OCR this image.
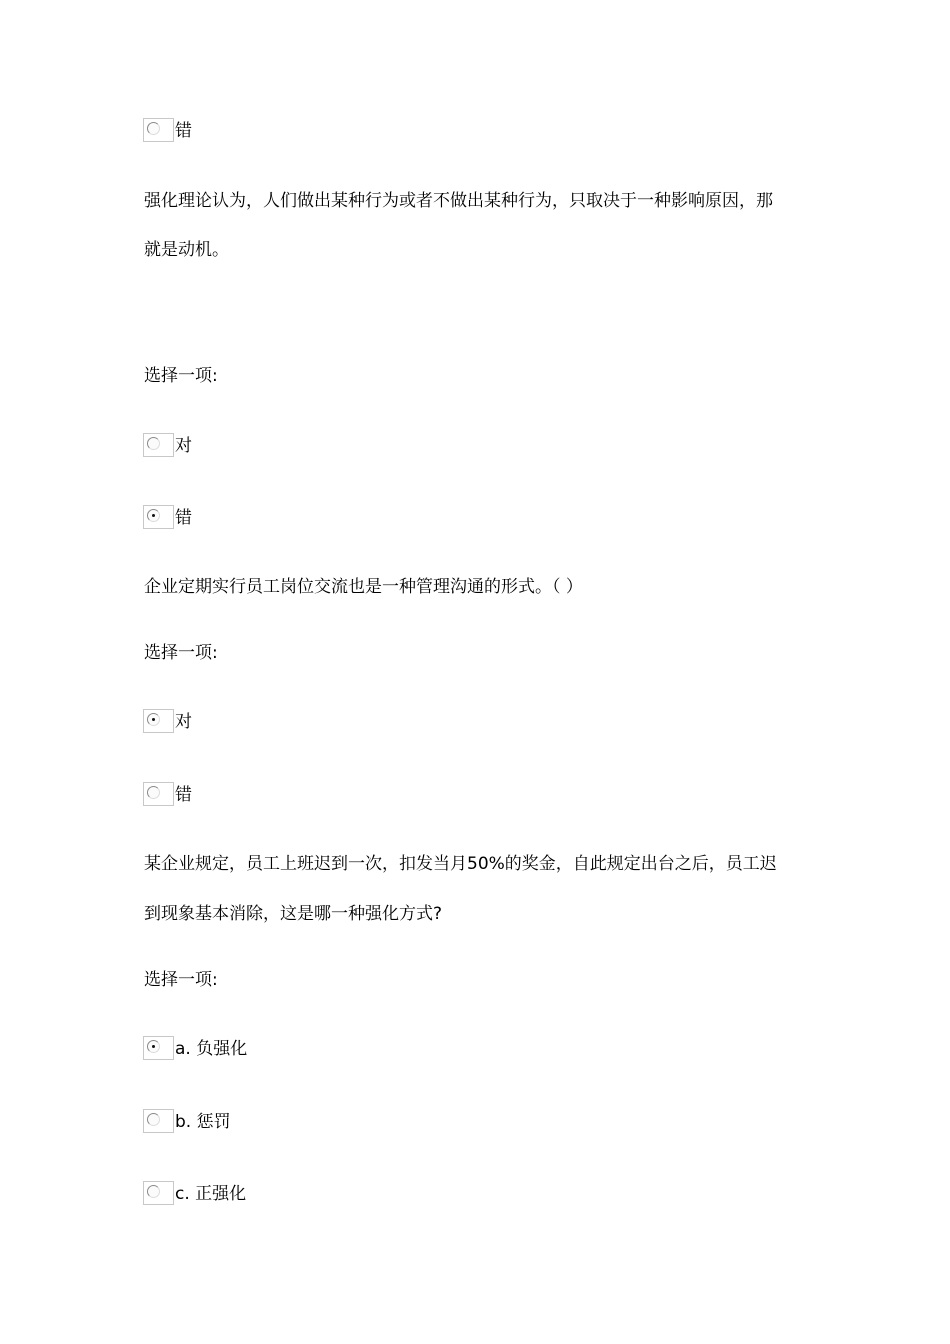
错
强化理论认为，人们做出某种行为或者不做出某种行为，只取决于一种影响原因，那
就是动机。
选择一项:
对
错
企业定期实行员工岗位交流也是一种管理沟通的形式。（ ）
选择一项:
对
错
某企业规定，员工上班迟到一次，扣发当月50%的奖金，自此规定出台之后，员工迟
到现象基本消除，这是哪一种强化方式?
选择一项:
a. 负强化
b. 惩罚
c. 正强化
